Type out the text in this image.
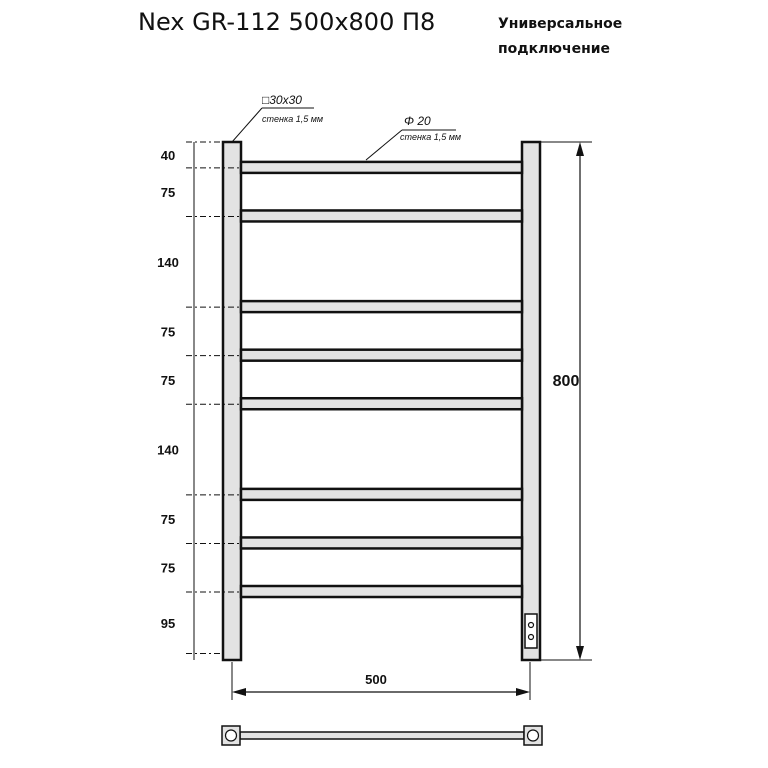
Nex GR-112 500x800 П8	Универсальное
подключение
40
75
140
75
75
140
75
75
95
800
500
□30x30
стенка 1,5 мм	Φ 20
стенка 1,5 мм
